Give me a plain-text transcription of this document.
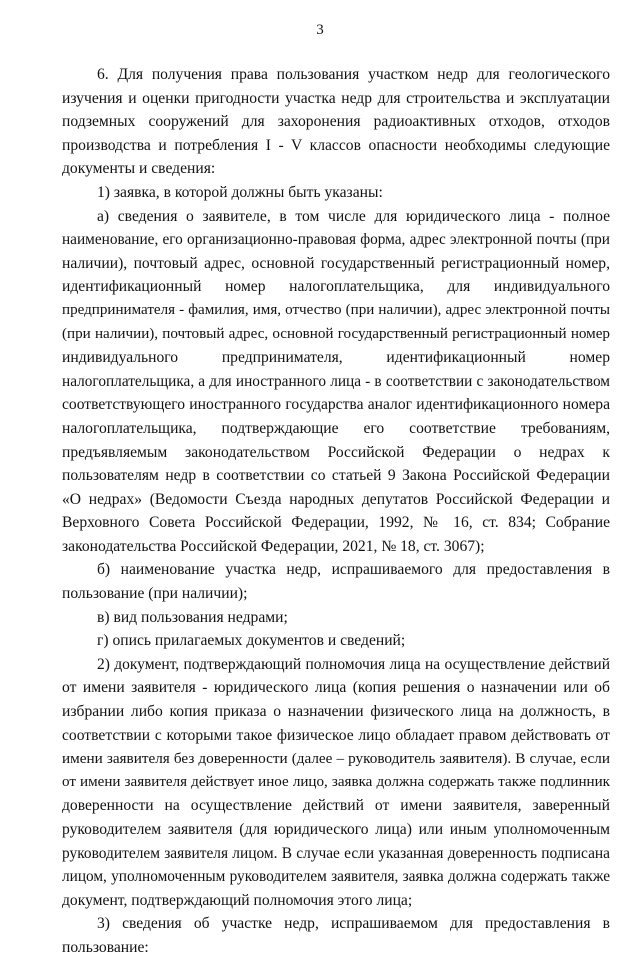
3
6. Для получения права пользования участком недр для геологического
изучения и оценки пригодности участка недр для строительства и эксплуатации
подземных сооружений для захоронения радиоактивных отходов, отходов
производства и потребления I - V классов опасности необходимы следующие
документы и сведения:
1) заявка, в которой должны быть указаны:
а) сведения о заявителе, в том числе для юридического лица - полное
наименование, его организационно-правовая форма, адрес электронной почты (при
наличии), почтовый адрес, основной государственный регистрационный номер,
идентификационный номер налогоплательщика, для индивидуального
предпринимателя - фамилия, имя, отчество (при наличии), адрес электронной почты
(при наличии), почтовый адрес, основной государственный регистрационный номер
индивидуального предпринимателя, идентификационный номер
налогоплательщика, а для иностранного лица - в соответствии с законодательством
соответствующего иностранного государства аналог идентификационного номера
налогоплательщика, подтверждающие его соответствие требованиям,
предъявляемым законодательством Российской Федерации о недрах к
пользователям недр в соответствии со статьей 9 Закона Российской Федерации
«О недрах» (Ведомости Съезда народных депутатов Российской Федерации и
Верховного Совета Российской Федерации, 1992, № 16, ст. 834; Собрание
законодательства Российской Федерации, 2021, № 18, ст. 3067);
б) наименование участка недр, испрашиваемого для предоставления в
пользование (при наличии);
в) вид пользования недрами;
г) опись прилагаемых документов и сведений;
2) документ, подтверждающий полномочия лица на осуществление действий
от имени заявителя - юридического лица (копия решения о назначении или об
избрании либо копия приказа о назначении физического лица на должность, в
соответствии с которыми такое физическое лицо обладает правом действовать от
имени заявителя без доверенности (далее – руководитель заявителя). В случае, если
от имени заявителя действует иное лицо, заявка должна содержать также подлинник
доверенности на осуществление действий от имени заявителя, заверенный
руководителем заявителя (для юридического лица) или иным уполномоченным
руководителем заявителя лицом. В случае если указанная доверенность подписана
лицом, уполномоченным руководителем заявителя, заявка должна содержать также
документ, подтверждающий полномочия этого лица;
3) сведения об участке недр, испрашиваемом для предоставления в
пользование:
